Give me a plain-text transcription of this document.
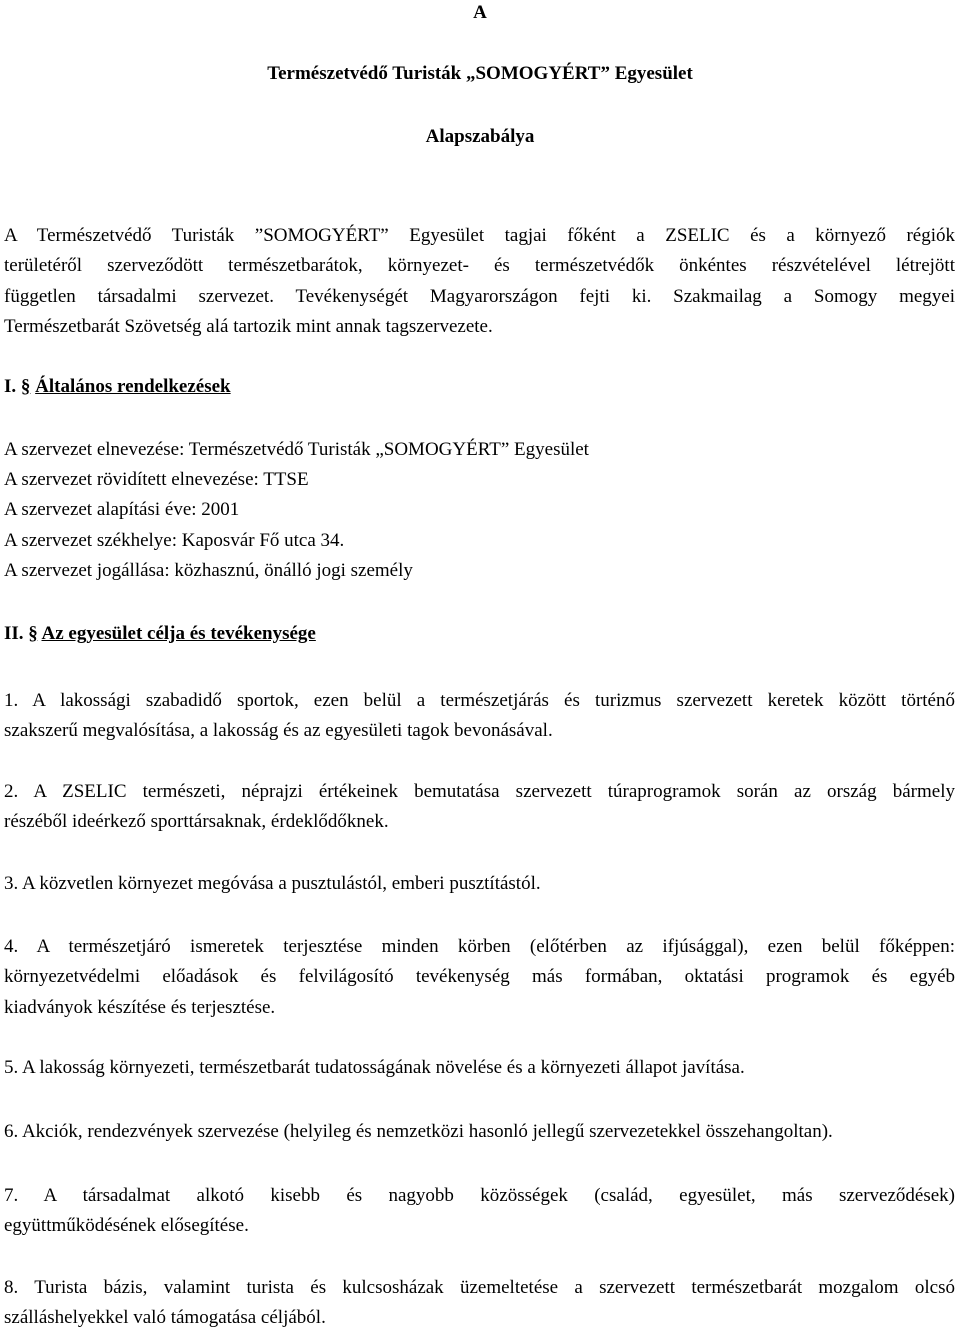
A
Természetvédő Turisták „SOMOGYÉRT” Egyesület
Alapszabálya
A Természetvédő Turisták ”SOMOGYÉRT” Egyesület tagjai főként a ZSELIC és a környező régiók
területéről szerveződött természetbarátok, környezet- és természetvédők önkéntes részvételével létrejött
független társadalmi szervezet. Tevékenységét Magyarországon fejti ki. Szakmailag a Somogy megyei
Természetbarát Szövetség alá tartozik mint annak tagszervezete.
I. § Általános rendelkezések
A szervezet elnevezése: Természetvédő Turisták „SOMOGYÉRT” Egyesület
A szervezet rövidített elnevezése: TTSE
A szervezet alapítási éve: 2001
A szervezet székhelye: Kaposvár Fő utca 34.
A szervezet jogállása: közhasznú, önálló jogi személy
II. § Az egyesület célja és tevékenysége
1. A lakossági szabadidő sportok, ezen belül a természetjárás és turizmus szervezett keretek között történő
szakszerű megvalósítása, a lakosság és az egyesületi tagok bevonásával.
2. A ZSELIC természeti, néprajzi értékeinek bemutatása szervezett túraprogramok során az ország bármely
részéből ideérkező sporttársaknak, érdeklődőknek.
3. A közvetlen környezet megóvása a pusztulástól, emberi pusztítástól.
4. A természetjáró ismeretek terjesztése minden körben (előtérben az ifjúsággal), ezen belül főképpen:
környezetvédelmi előadások és felvilágosító tevékenység más formában, oktatási programok és egyéb
kiadványok készítése és terjesztése.
5. A lakosság környezeti, természetbarát tudatosságának növelése és a környezeti állapot javítása.
6. Akciók, rendezvények szervezése (helyileg és nemzetközi hasonló jellegű szervezetekkel összehangoltan).
7. A társadalmat alkotó kisebb és nagyobb közösségek (család, egyesület, más szerveződések)
együttműködésének elősegítése.
8. Turista bázis, valamint turista és kulcsosházak üzemeltetése a szervezett természetbarát mozgalom olcsó
szálláshelyekkel való támogatása céljából.
